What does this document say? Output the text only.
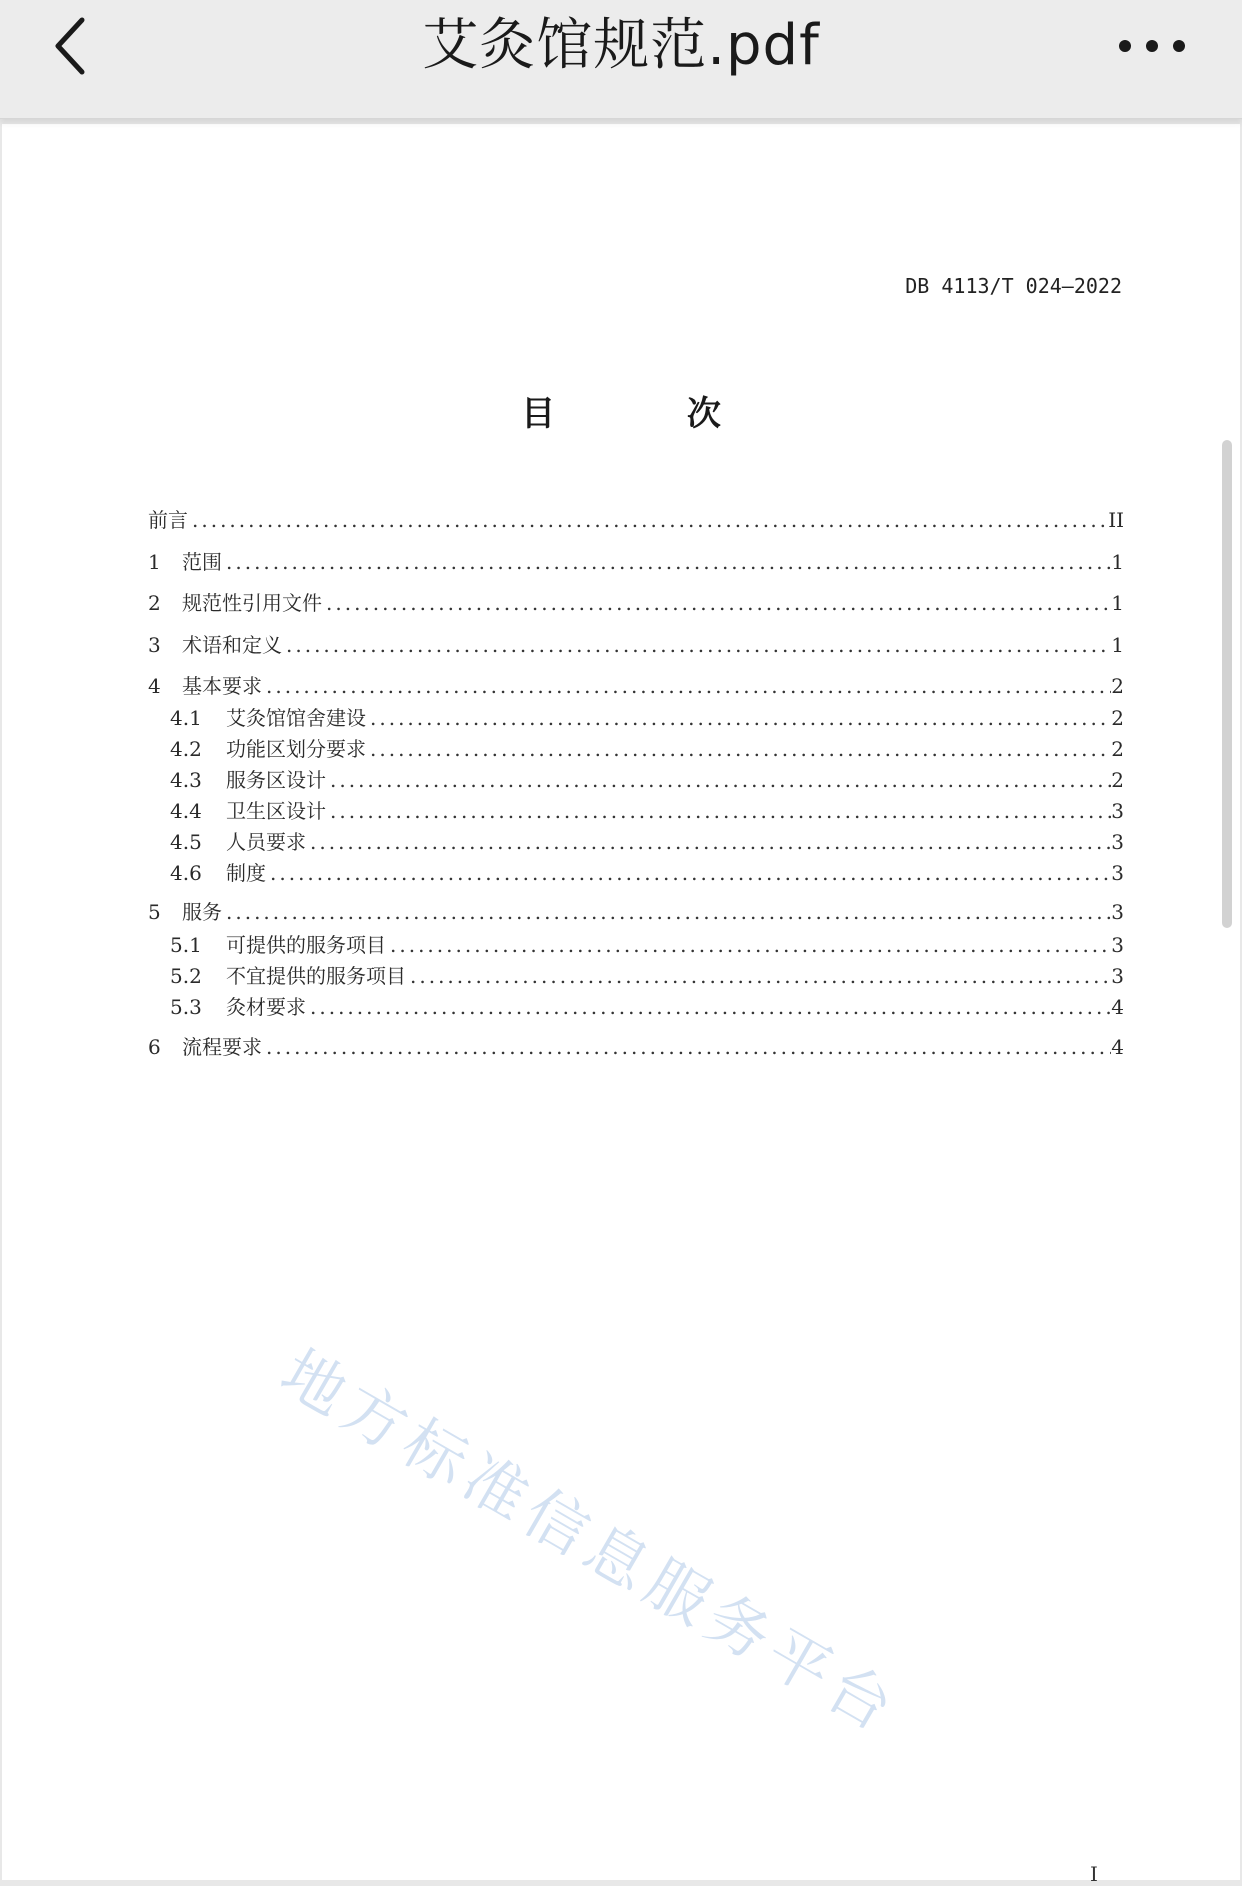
艾灸馆规范.pdf
DB 4113/T 024—2022
目 次
前言 .....	II
1	范围 .....	1
2	规范性引用文件 .....	1
3	术语和定义 .....	1
4	基本要求 .....	2
4.1	艾灸馆馆舍建设 .....	2
4.2	功能区划分要求 .....	2
4.3	服务区设计 .....	2
4.4	卫生区设计 .....	3
4.5	人员要求 .....	3
4.6	制度 .....	3
5	服务 .....	3
5.1	可提供的服务项目 .....	3
5.2	不宜提供的服务项目 .....	3
5.3	灸材要求 .....	4
6	流程要求 .....	4
地方标准信息服务平台
I
